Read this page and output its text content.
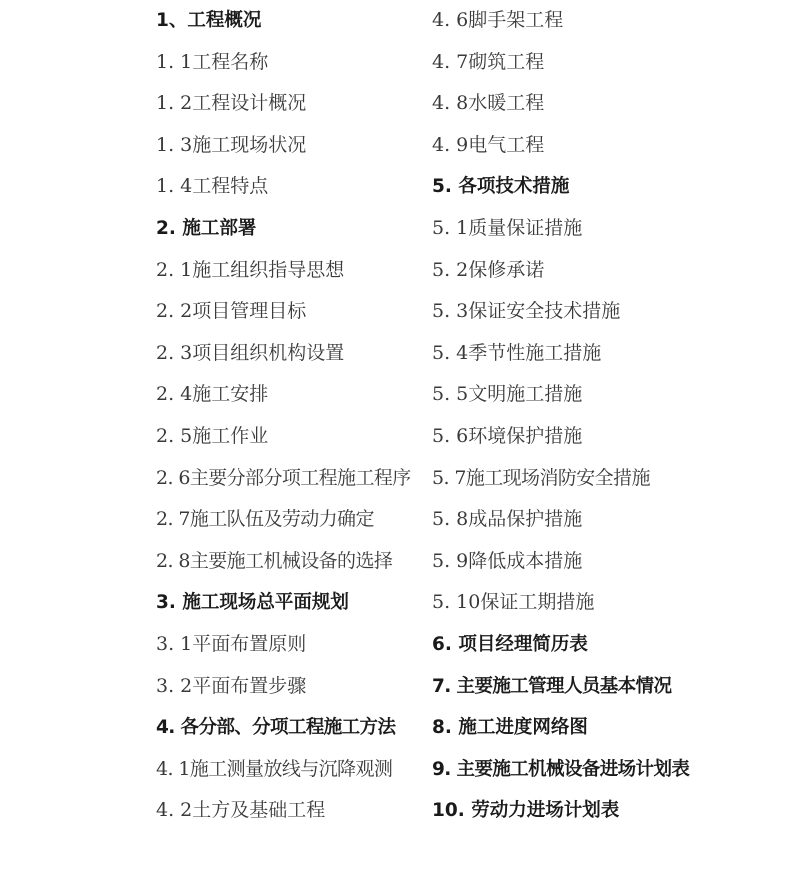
1、工程概况
1. 1工程名称
1. 2工程设计概况
1. 3施工现场状况
1. 4工程特点
2. 施工部署
2. 1施工组织指导思想
2. 2项目管理目标
2. 3项目组织机构设置
2. 4施工安排
2. 5施工作业
2. 6主要分部分项工程施工程序
2. 7施工队伍及劳动力确定
2. 8主要施工机械设备的选择
3. 施工现场总平面规划
3. 1平面布置原则
3. 2平面布置步骤
4. 各分部、分项工程施工方法
4. 1施工测量放线与沉降观测
4. 2土方及基础工程
4. 6脚手架工程
4. 7砌筑工程
4. 8水暖工程
4. 9电气工程
5. 各项技术措施
5. 1质量保证措施
5. 2保修承诺
5. 3保证安全技术措施
5. 4季节性施工措施
5. 5文明施工措施
5. 6环境保护措施
5. 7施工现场消防安全措施
5. 8成品保护措施
5. 9降低成本措施
5. 10保证工期措施
6. 项目经理简历表
7. 主要施工管理人员基本情况
8. 施工进度网络图
9. 主要施工机械设备进场计划表
10. 劳动力进场计划表
